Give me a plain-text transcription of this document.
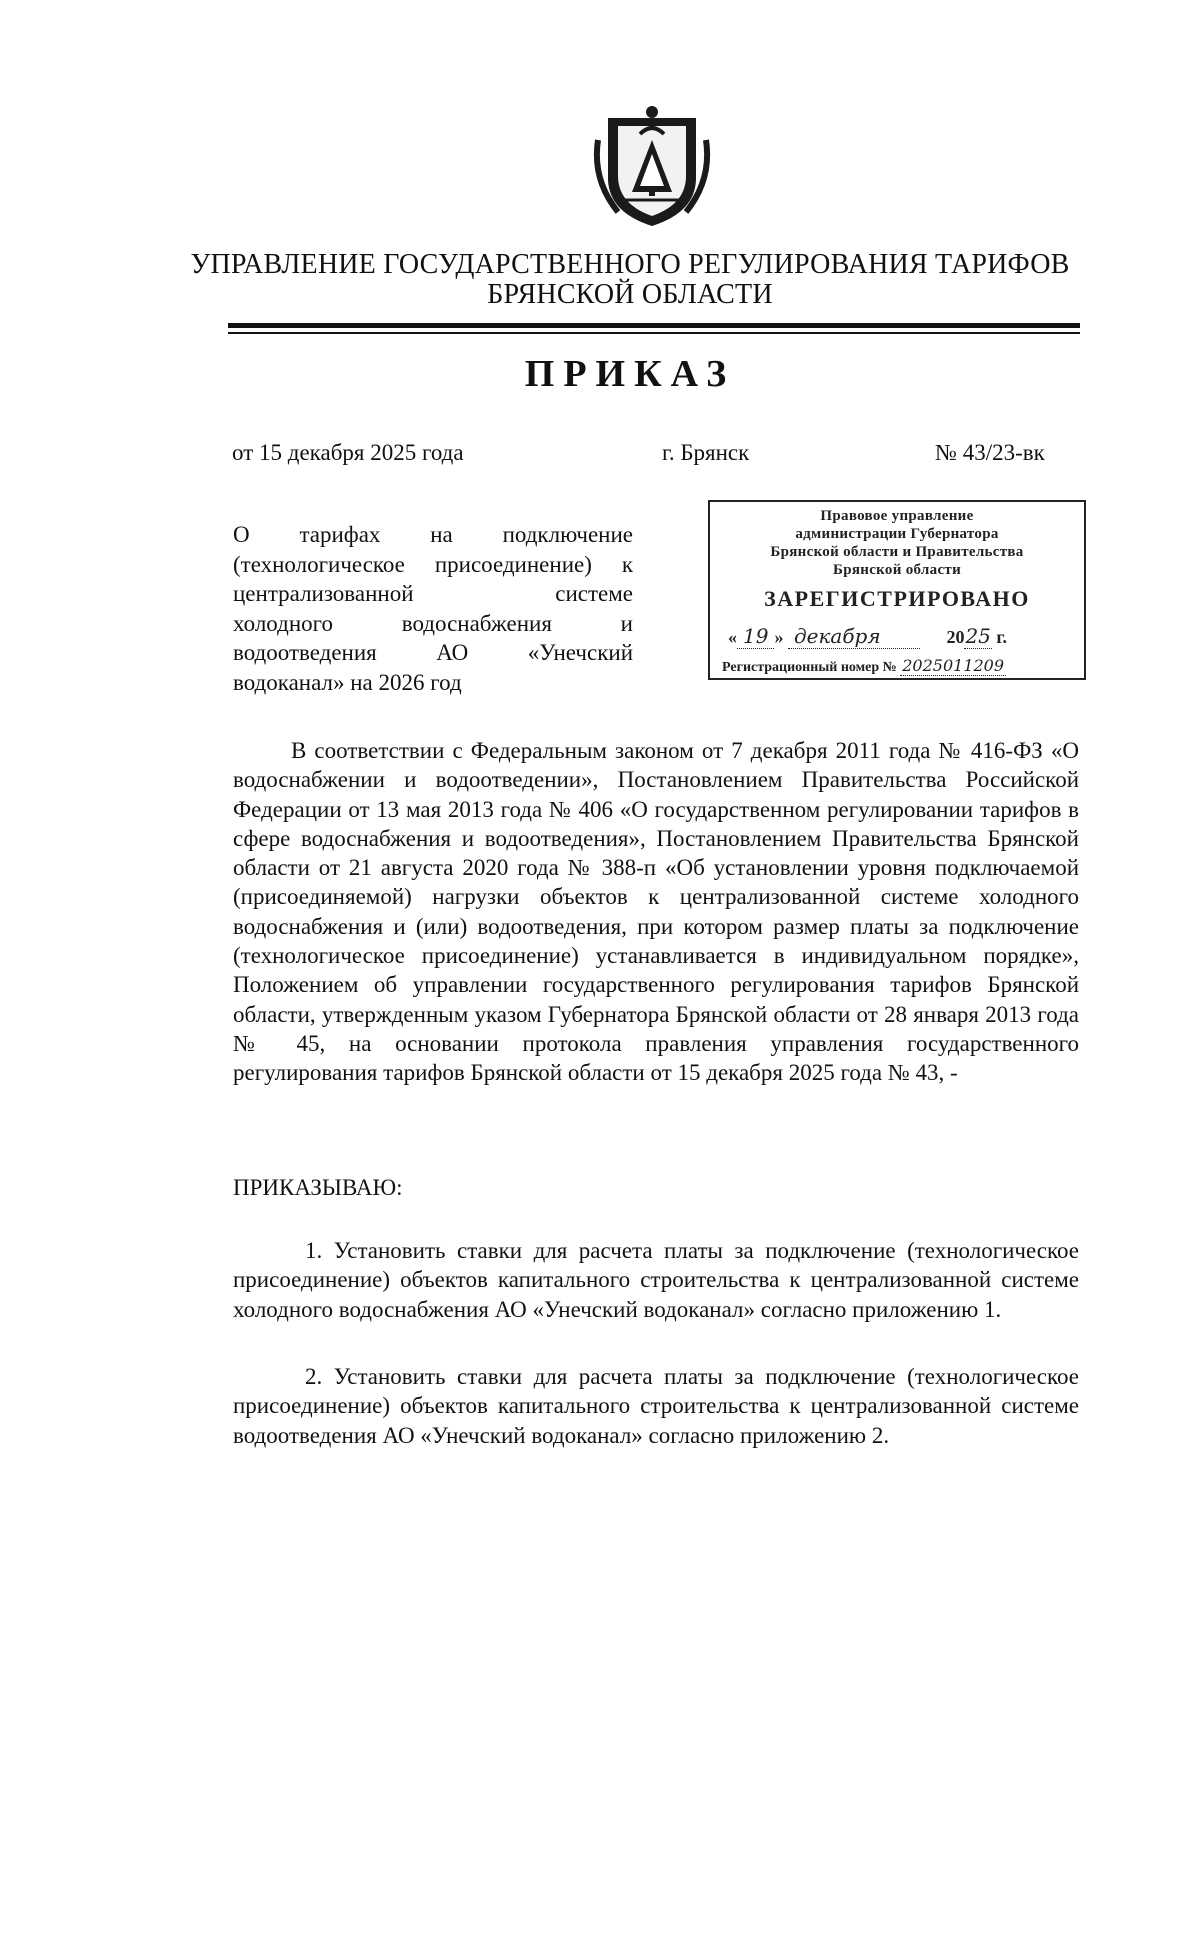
УПРАВЛЕНИЕ ГОСУДАРСТВЕННОГО РЕГУЛИРОВАНИЯ ТАРИФОВ
БРЯНСКОЙ ОБЛАСТИ
ПРИКАЗ
от 15 декабря 2025 года	г. Брянск	№ 43/23-вк
О тарифах на подключение
(технологическое присоединение) к
централизованной системе
холодного водоснабжения и
водоотведения АО «Унечский
водоканал» на 2026 год
Правовое управление
администрации Губернатора
Брянской области и Правительства
Брянской области
ЗАРЕГИСТРИРОВАНО
« 19 » декабря	2025 г.
Регистрационный номер № 2025011209
В соответствии с Федеральным законом от 7 декабря 2011 года № 416-ФЗ «О водоснабжении и водоотведении», Постановлением Правительства Российской Федерации от 13 мая 2013 года № 406 «О государственном регулировании тарифов в сфере водоснабжения и водоотведения», Постановлением Правительства Брянской области от 21 августа 2020 года № 388-п «Об установлении уровня подключаемой (присоединяемой) нагрузки объектов к централизованной системе холодного водоснабжения и (или) водоотведения, при котором размер платы за подключение (технологическое присоединение) устанавливается в индивидуальном порядке», Положением об управлении государственного регулирования тарифов Брянской области, утвержденным указом Губернатора Брянской области от 28 января 2013 года № 45, на основании протокола правления управления государственного регулирования тарифов Брянской области от 15 декабря 2025 года № 43, -
ПРИКАЗЫВАЮ:
1. Установить ставки для расчета платы за подключение (технологическое присоединение) объектов капитального строительства к централизованной системе холодного водоснабжения АО «Унечский водоканал» согласно приложению 1.
2. Установить ставки для расчета платы за подключение (технологическое присоединение) объектов капитального строительства к централизованной системе водоотведения АО «Унечский водоканал» согласно приложению 2.
